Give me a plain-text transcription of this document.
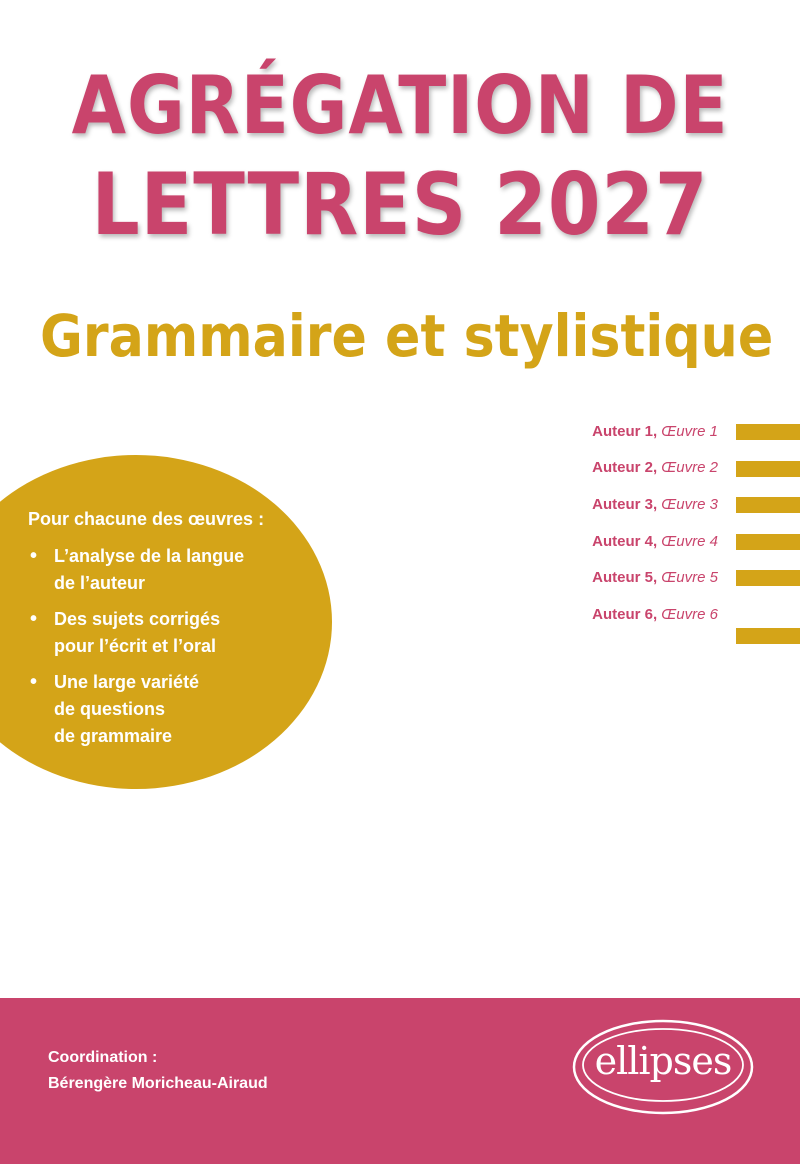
AGRÉGATION DE
LETTRES 2027
Grammaire et stylistique
Auteur 1, Œuvre 1
Auteur 2, Œuvre 2
Auteur 3, Œuvre 3
Auteur 4, Œuvre 4
Auteur 5, Œuvre 5
Auteur 6, Œuvre 6
Pour chacune des œuvres :
• L’analyse de la langue
de l’auteur
• Des sujets corrigés
pour l’écrit et l’oral
• Une large variété
de questions
de grammaire
Coordination :
Bérengère Moricheau-Airaud
ellipses
